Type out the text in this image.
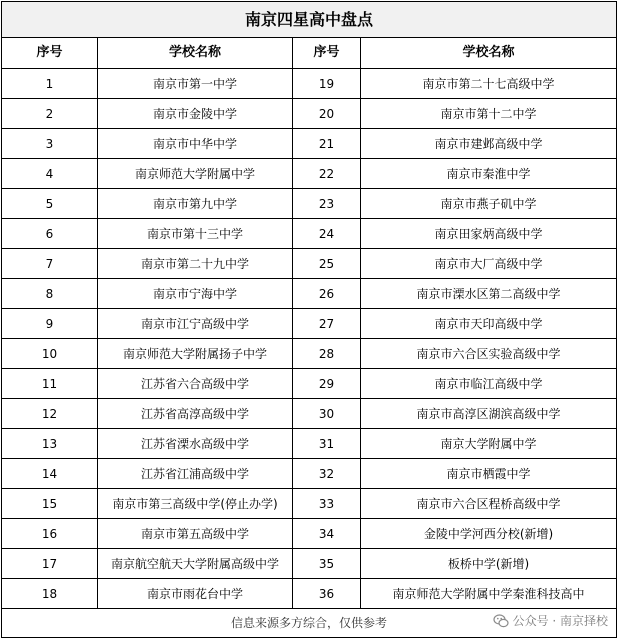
南京四星高中盘点			
序号	学校名称	序号	学校名称
1	南京市第一中学	19	南京市第二十七高级中学
2	南京市金陵中学	20	南京市第十二中学
3	南京市中华中学	21	南京市建邺高级中学
4	南京师范大学附属中学	22	南京市秦淮中学
5	南京市第九中学	23	南京市燕子矶中学
6	南京市第十三中学	24	南京田家炳高级中学
7	南京市第二十九中学	25	南京市大厂高级中学
8	南京市宁海中学	26	南京市溧水区第二高级中学
9	南京市江宁高级中学	27	南京市天印高级中学
10	南京师范大学附属扬子中学	28	南京市六合区实验高级中学
11	江苏省六合高级中学	29	南京市临江高级中学
12	江苏省高淳高级中学	30	南京市高淳区湖滨高级中学
13	江苏省溧水高级中学	31	南京大学附属中学
14	江苏省江浦高级中学	32	南京市栖霞中学
15	南京市第三高级中学(停止办学)	33	南京市六合区程桥高级中学
16	南京市第五高级中学	34	金陵中学河西分校(新增)
17	南京航空航天大学附属高级中学	35	板桥中学(新增)
18	南京市雨花台中学	36	南京师范大学附属中学秦淮科技高中
信息来源多方综合，仅供参考 公众号 · 南京择校			
